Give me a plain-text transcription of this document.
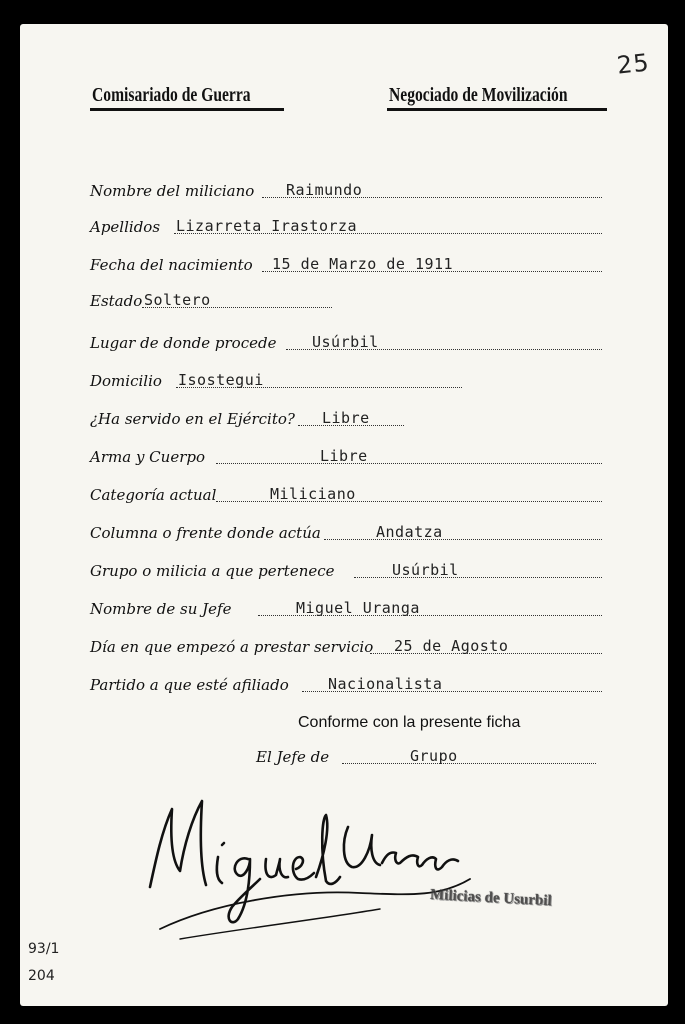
25
Comisariado de Guerra	Negociado de Movilización
Nombre del miliciano Raimundo
Apellidos Lizarreta Irastorza
Fecha del nacimiento 15 de Marzo de 1911
Estado Soltero
Lugar de donde procede Usúrbil
Domicilio Isostegui
¿Ha servido en el Ejército? Libre
Arma y Cuerpo	Libre
Categoría actual	Miliciano
Columna o frente donde actúa	Andatza
Grupo o milicia a que pertenece	Usúrbil
Nombre de su Jefe	Miguel Uranga
Día en que empezó a prestar servicio 25 de Agosto
Partido a que esté afiliado	Nacionalista
Conforme con la presente ficha
El Jefe de	Grupo
Milicias de Usurbil
93/1
204
